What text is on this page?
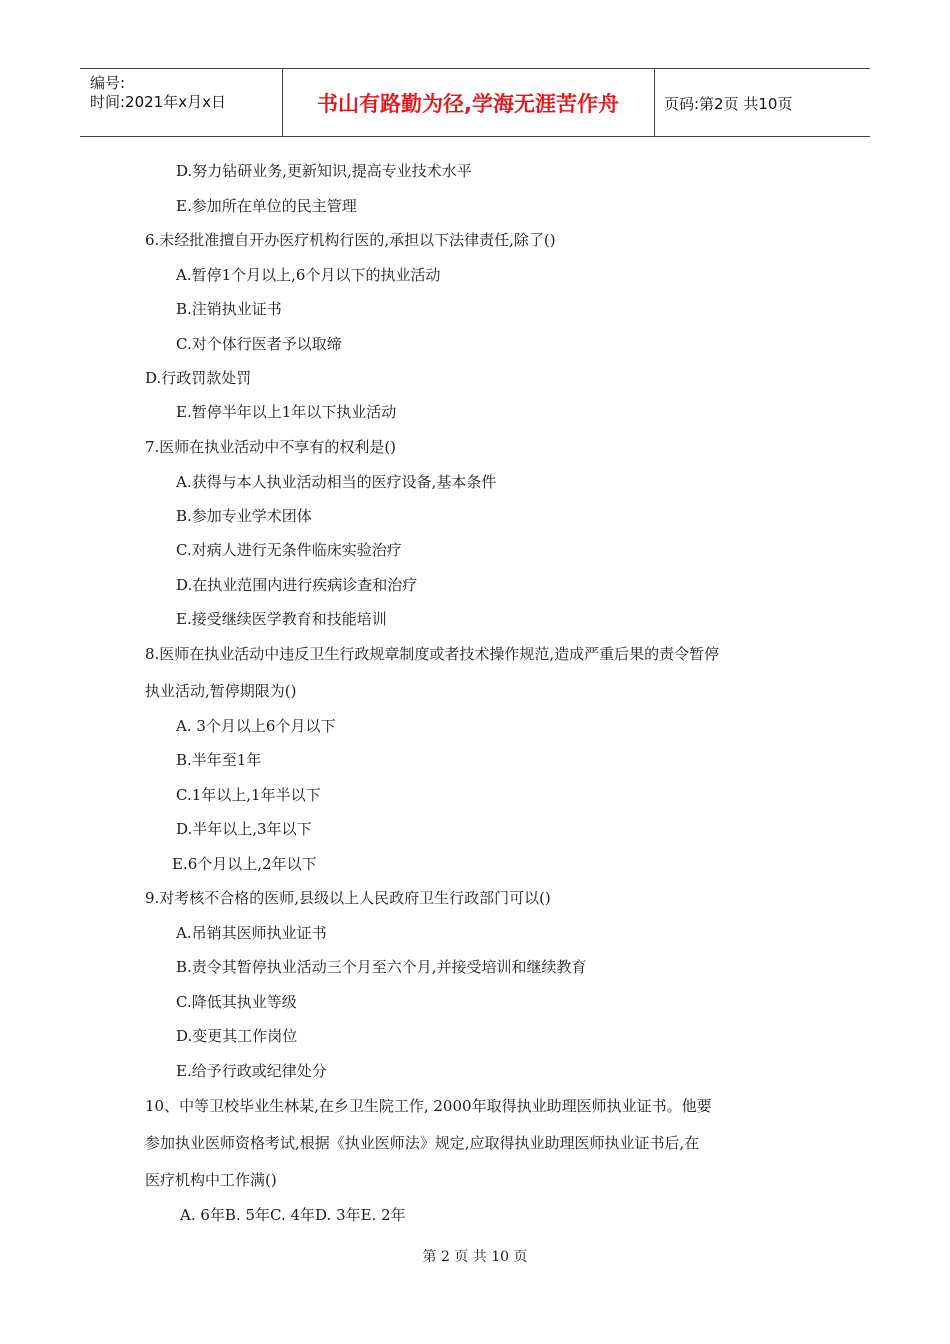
编号:
时间:2021年x月x日	书山有路勤为径,学海无涯苦作舟	页码:第2页 共10页
D.努力钻研业务,更新知识,提高专业技术水平
E.参加所在单位的民主管理
6.未经批准擅自开办医疗机构行医的,承担以下法律责任,除了()
A.暂停1个月以上,6个月以下的执业活动
B.注销执业证书
C.对个体行医者予以取缔
D.行政罚款处罚
E.暂停半年以上1年以下执业活动
7.医师在执业活动中不享有的权利是()
A.获得与本人执业活动相当的医疗设备,基本条件
B.参加专业学术团体
C.对病人进行无条件临床实验治疗
D.在执业范围内进行疾病诊查和治疗
E.接受继续医学教育和技能培训
8.医师在执业活动中违反卫生行政规章制度或者技术操作规范,造成严重后果的责令暂停
执业活动,暂停期限为()
A. 3个月以上6个月以下
B.半年至1年
C.1年以上,1年半以下
D.半年以上,3年以下
E.6个月以上,2年以下
9.对考核不合格的医师,县级以上人民政府卫生行政部门可以()
A.吊销其医师执业证书
B.责令其暂停执业活动三个月至六个月,并接受培训和继续教育
C.降低其执业等级
D.变更其工作岗位
E.给予行政或纪律处分
10、中等卫校毕业生林某,在乡卫生院工作, 2000年取得执业助理医师执业证书。他要
参加执业医师资格考试,根据《执业医师法》规定,应取得执业助理医师执业证书后,在
医疗机构中工作满()
A. 6年B. 5年C. 4年D. 3年E. 2年
第 2 页 共 10 页
